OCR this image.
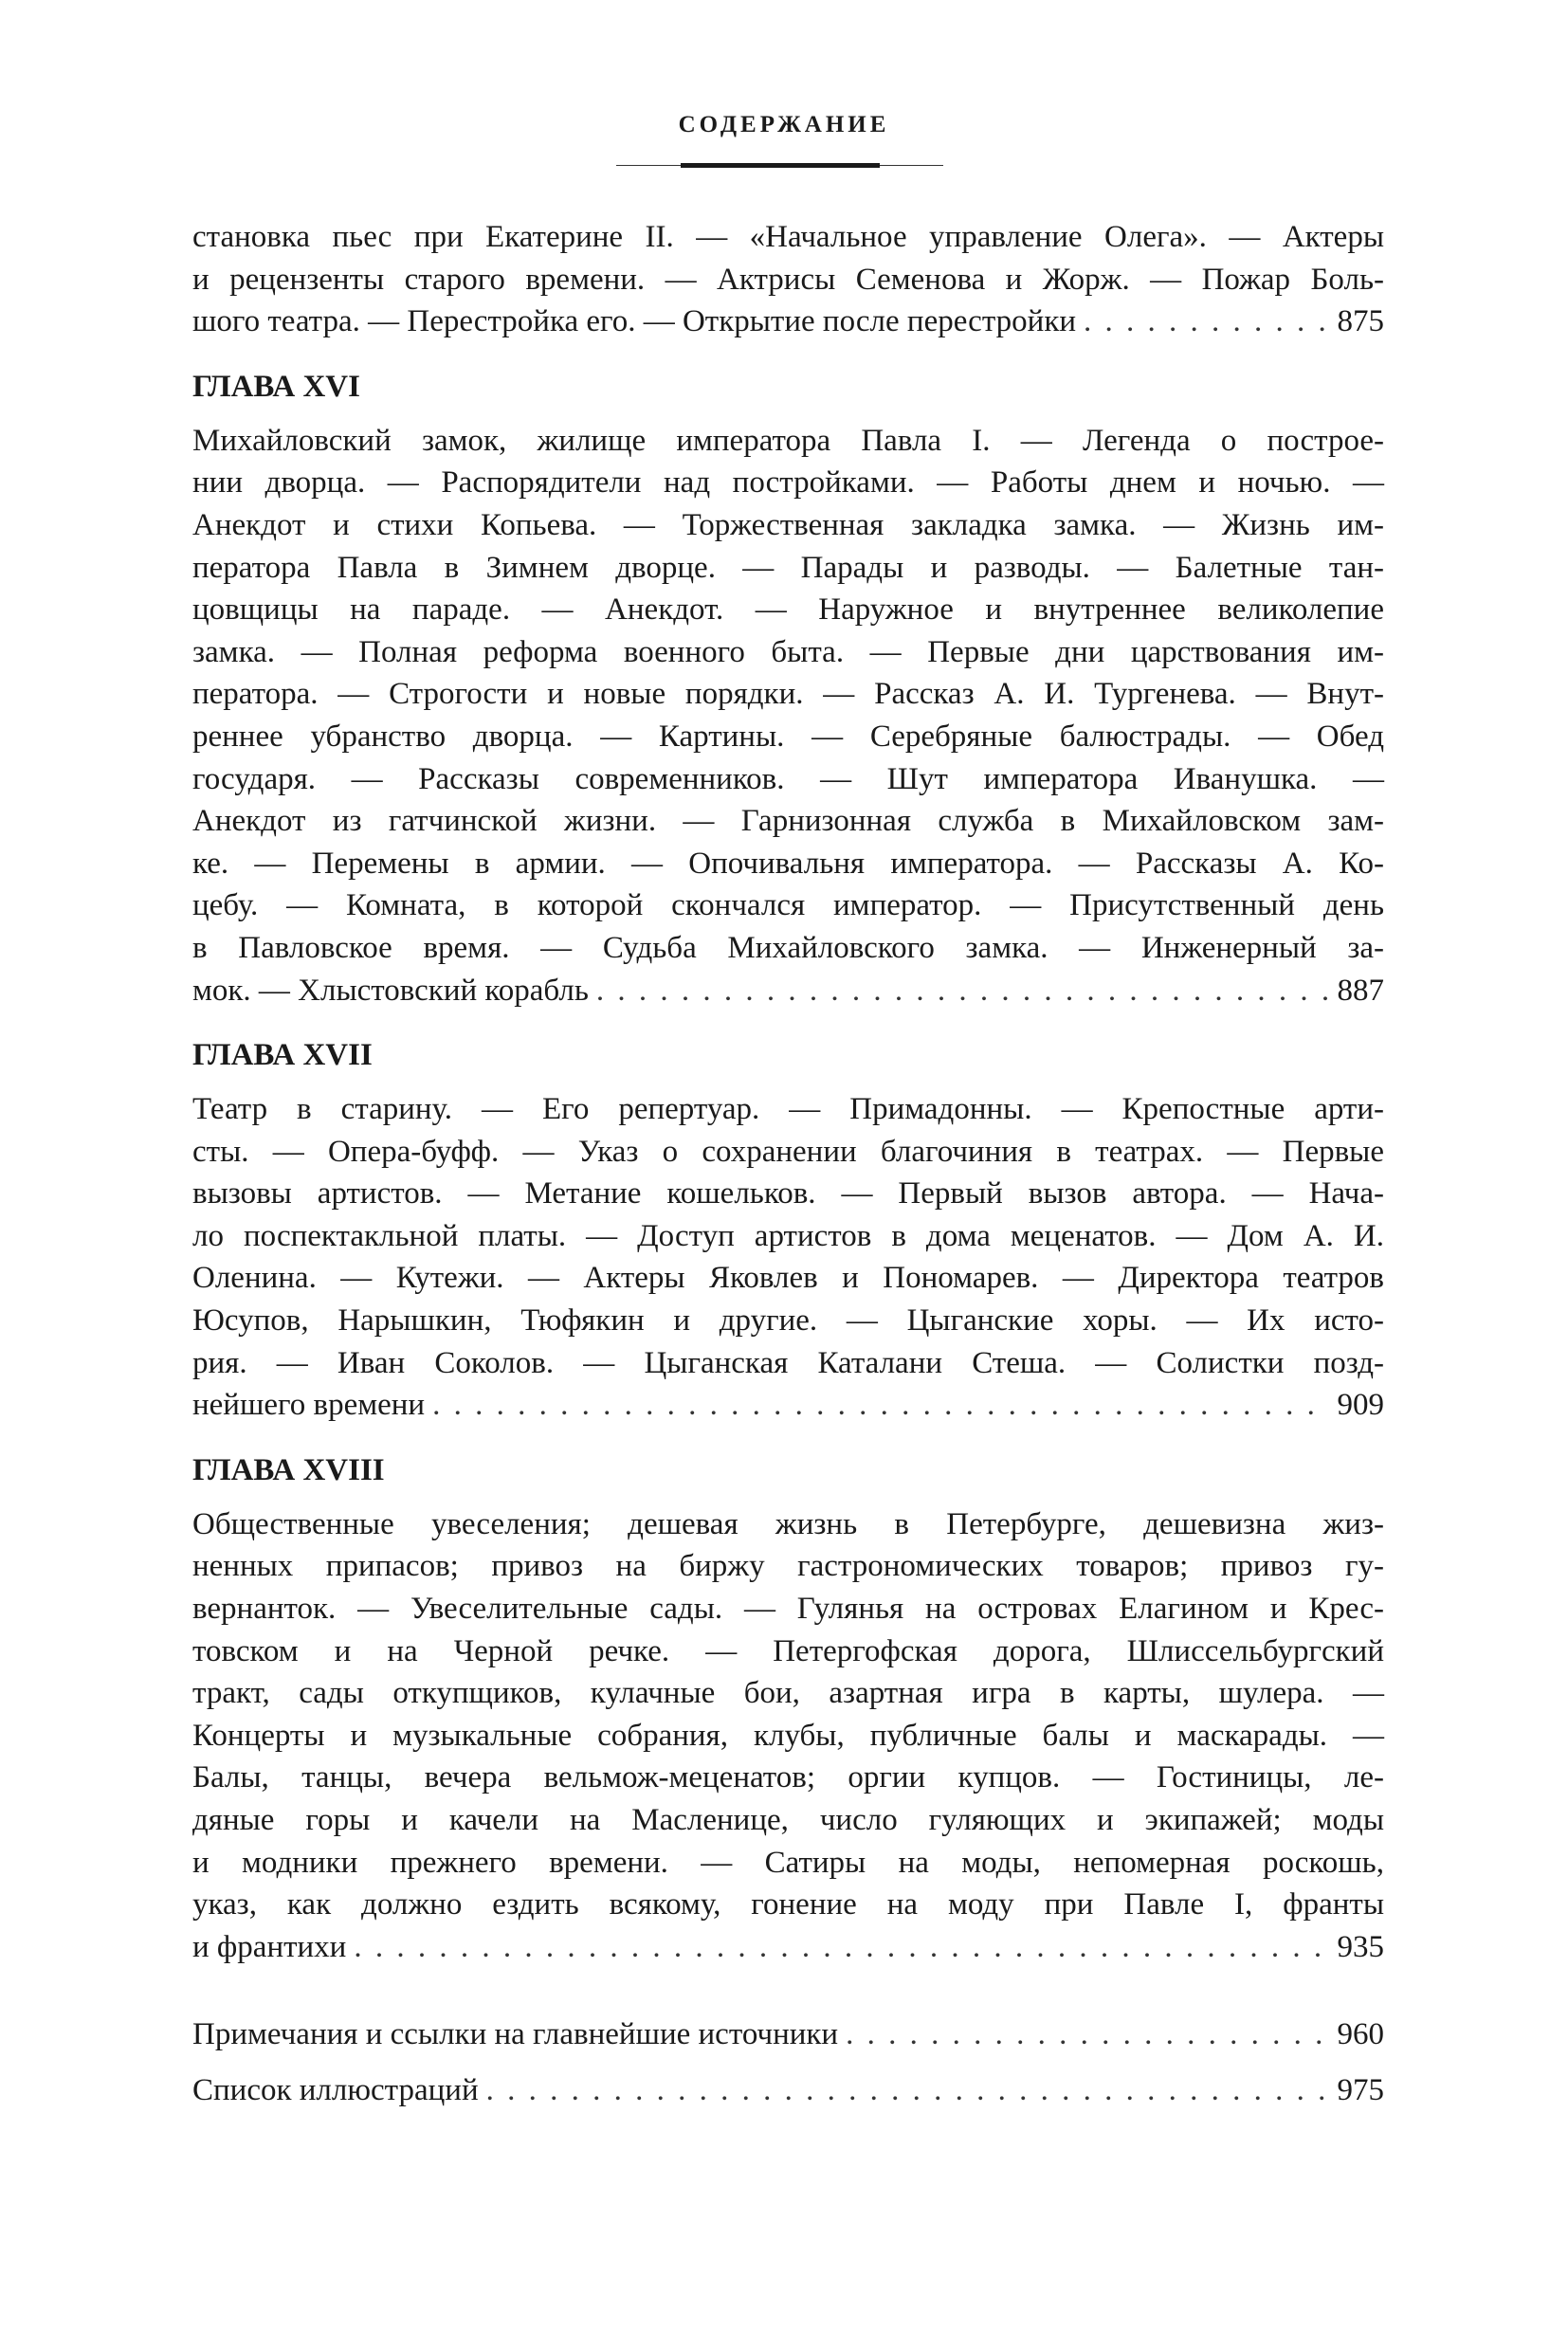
СОДЕРЖАНИЕ
становка пьес при Екатерине II. — «Начальное управление Олега». — Актеры
и рецензенты старого времени. — Актрисы Семенова и Жорж. — Пожар Боль-
шого театра. — Перестройка его. — Открытие после перестройки . . .	875
ГЛАВА XVI
Михайловский замок, жилище императора Павла I. — Легенда о построе-
нии дворца. — Распорядители над постройками. — Работы днем и ночью. —
Анекдот и стихи Копьева. — Торжественная закладка замка. — Жизнь им-
ператора Павла в Зимнем дворце. — Парады и разводы. — Балетные тан-
цовщицы на параде. — Анекдот. — Наружное и внутреннее великолепие
замка. — Полная реформа военного быта. — Первые дни царствования им-
ператора. — Строгости и новые порядки. — Рассказ А. И. Тургенева. — Внут-
реннее убранство дворца. — Картины. — Серебряные балюстрады. — Обед
государя. — Рассказы современников. — Шут императора Иванушка. —
Анекдот из гатчинской жизни. — Гарнизонная служба в Михайловском зам-
ке. — Перемены в армии. — Опочивальня императора. — Рассказы А. Ко-
цебу. — Комната, в которой скончался император. — Присутственный день
в Павловское время. — Судьба Михайловского замка. — Инженерный за-
мок. — Хлыстовский корабль . . .	887
ГЛАВА XVII
Театр в старину. — Его репертуар. — Примадонны. — Крепостные арти-
сты. — Опера-буфф. — Указ о сохранении благочиния в театрах. — Первые
вызовы артистов. — Метание кошельков. — Первый вызов автора. — Нача-
ло поспектакльной платы. — Доступ артистов в дома меценатов. — Дом А. И.
Оленина. — Кутежи. — Актеры Яковлев и Пономарев. — Директора театров
Юсупов, Нарышкин, Тюфякин и другие. — Цыганские хоры. — Их исто-
рия. — Иван Соколов. — Цыганская Каталани Стеша. — Солистки позд-
нейшего времени . . .	909
ГЛАВА XVIII
Общественные увеселения; дешевая жизнь в Петербурге, дешевизна жиз-
ненных припасов; привоз на биржу гастрономических товаров; привоз гу-
вернанток. — Увеселительные сады. — Гулянья на островах Елагином и Крес-
товском и на Черной речке. — Петергофская дорога, Шлиссельбургский
тракт, сады откупщиков, кулачные бои, азартная игра в карты, шулера. —
Концерты и музыкальные собрания, клубы, публичные балы и маскарады. —
Балы, танцы, вечера вельмож-меценатов; оргии купцов. — Гостиницы, ле-
дяные горы и качели на Масленице, число гуляющих и экипажей; моды
и модники прежнего времени. — Сатиры на моды, непомерная роскошь,
указ, как должно ездить всякому, гонение на моду при Павле I, франты
и франтихи . . .	935
Примечания и ссылки на главнейшие источники . . .	960
Список иллюстраций . . .	975
